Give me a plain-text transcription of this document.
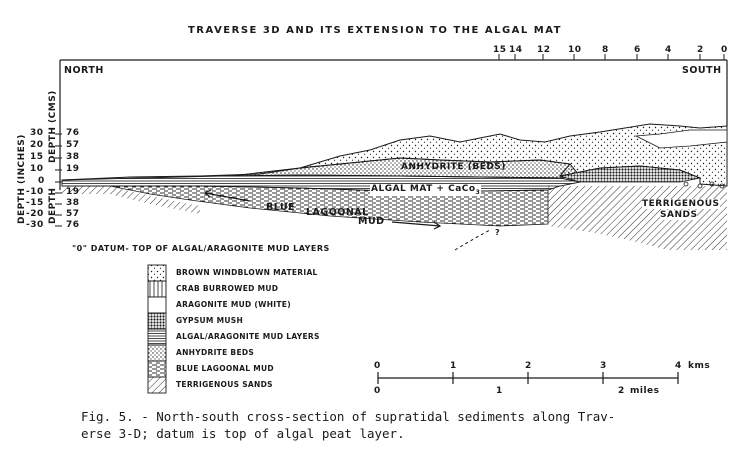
TRAVERSE 3D AND ITS EXTENSION TO THE ALGAL MAT
15 14 12 10 8	6	4	2 0
NORTH	SOUTH
DEPTH (INCHES)
DEPTH (CMS)
DEPTH
30 76
20 57
15 38
10 19
0
-10 19
-15 38
-20 57
-30 76
ANHYDRITE (BEDS)
ALGAL MAT + CaCo$_3$
BLUE LAGOONAL
MUD
TERRIGENOUS
SANDS
?
"0" DATUM- TOP OF ALGAL/ARAGONITE MUD LAYERS
BROWN WINDBLOWN MATERIAL
CRAB BURROWED MUD
ARAGONITE MUD (WHITE)
GYPSUM MUSH
ALGAL/ARAGONITE MUD LAYERS
ANHYDRITE BEDS
BLUE LAGOONAL MUD
TERRIGENOUS SANDS
0	1	2	3	4 kms
0	1	2 miles
Fig. 5. - North-south cross-section of supratidal sediments along Trav-
erse 3-D; datum is top of algal peat layer.
